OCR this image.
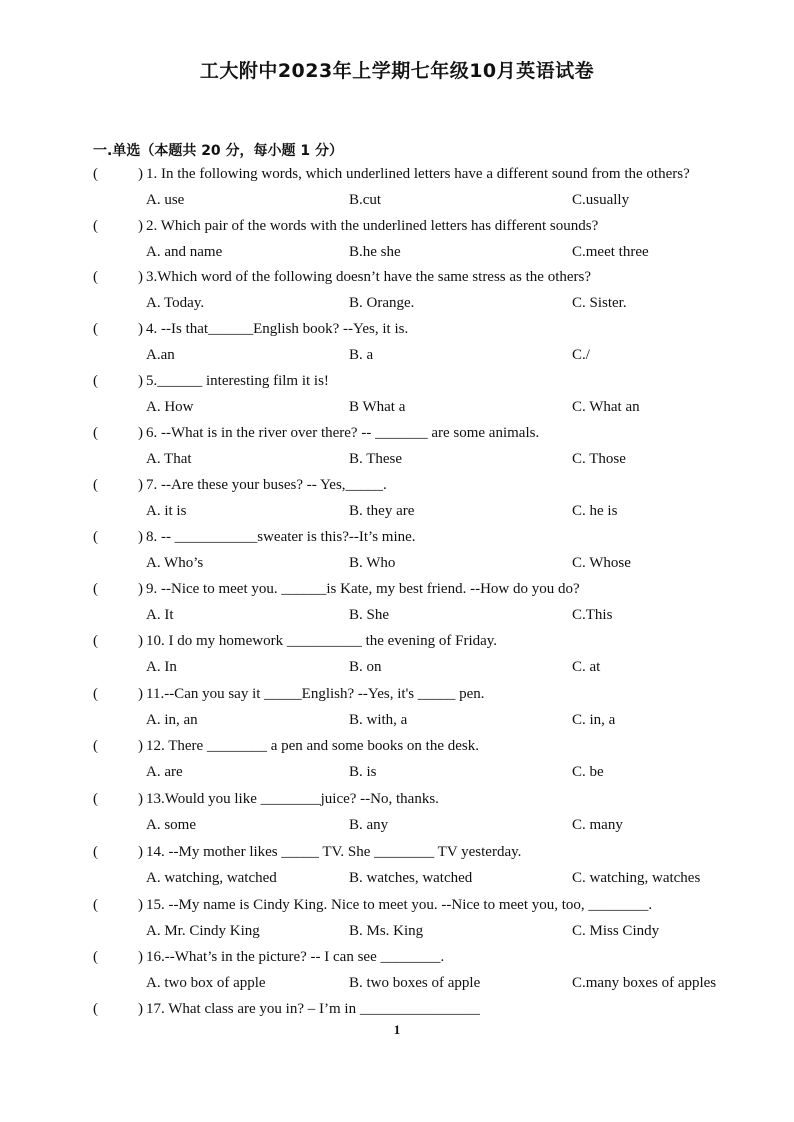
工大附中2023年上学期七年级10月英语试卷
一.单选（本题共 20 分，每小题 1 分）
(	) 1. In the following words, which underlined letters have a different sound from the others?
A. use	B.cut	C.usually
(	) 2. Which pair of the words with the underlined letters has different sounds?
A. and name	B.he she	C.meet three
(	) 3.Which word of the following doesn’t have the same stress as the others?
A. Today.	B. Orange.	C. Sister.
(	) 4. --Is that______English book? --Yes, it is.
A.an	B. a	C./
(	) 5.______ interesting film it is!
A. How	B What a	C. What an
(	) 6. --What is in the river over there? -- _______ are some animals.
A. That	B. These	C. Those
(	) 7. --Are these your buses? -- Yes,_____.
A. it is	B. they are	C. he is
(	) 8. -- ___________sweater is this?--It’s mine.
A. Who’s	B. Who	C. Whose
(	) 9. --Nice to meet you. ______is Kate, my best friend. --How do you do?
A. It	B. She	C.This
(	) 10. I do my homework __________ the evening of Friday.
A. In	B. on	C. at
(	) 11.--Can you say it _____English? --Yes, it's _____ pen.
A. in, an	B. with, a	C. in, a
(	) 12. There ________ a pen and some books on the desk.
A. are	B. is	C. be
(	) 13.Would you like ________juice? --No, thanks.
A. some	B. any	C. many
(	) 14. --My mother likes _____ TV. She ________ TV yesterday.
A. watching, watched	B. watches, watched	C. watching, watches
(	) 15. --My name is Cindy King. Nice to meet you. --Nice to meet you, too, ________.
A. Mr. Cindy King	B. Ms. King	C. Miss Cindy
(	) 16.--What’s in the picture? -- I can see ________.
A. two box of apple	B. two boxes of apple	C.many boxes of apples
(	) 17. What class are you in? – I’m in ________________
1
